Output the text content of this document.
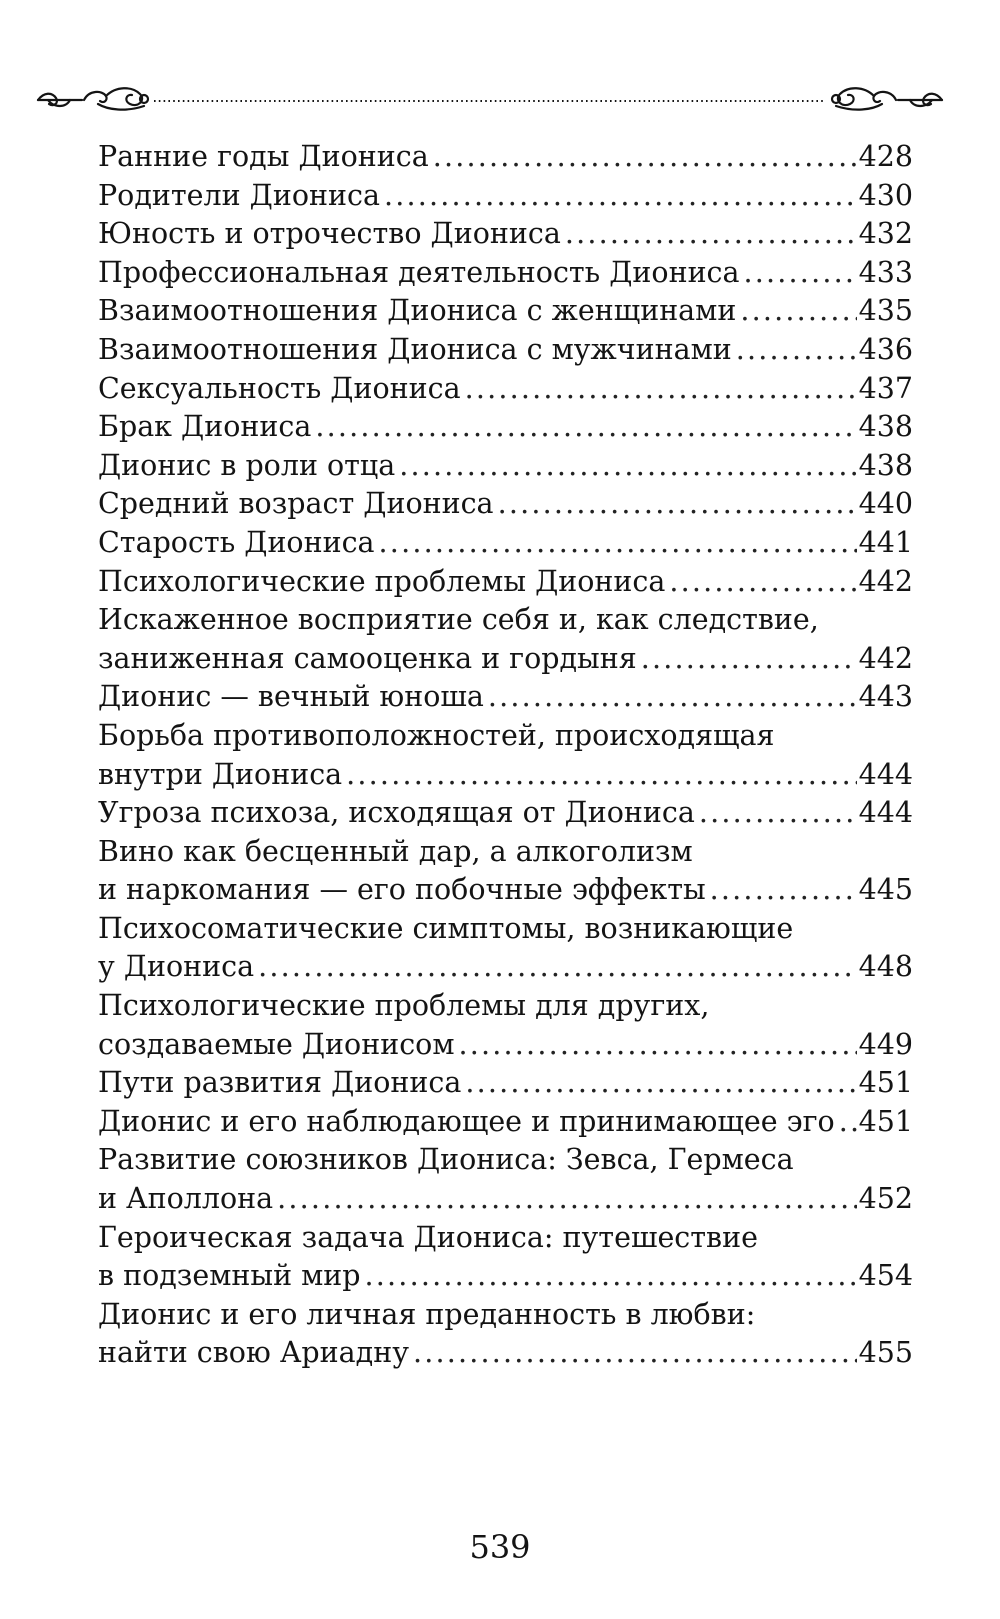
Ранние годы Диониса .....	428
Родители Диониса .....	430
Юность и отрочество Диониса .....	432
Профессиональная деятельность Диониса .....	433
Взаимоотношения Диониса с женщинами .....	435
Взаимоотношения Диониса с мужчинами .....	436
Сексуальность Диониса .....	437
Брак Диониса .....	438
Дионис в роли отца .....	438
Средний возраст Диониса .....	440
Старость Диониса .....	441
Психологические проблемы Диониса .....	442
Искаженное восприятие себя и, как следствие,
заниженная самооценка и гордыня .....	442
Дионис — вечный юноша .....	443
Борьба противоположностей, происходящая
внутри Диониса .....	444
Угроза психоза, исходящая от Диониса .....	444
Вино как бесценный дар, а алкоголизм
и наркомания — его побочные эффекты .....	445
Психосоматические симптомы, возникающие
у Диониса .....	448
Психологические проблемы для других,
создаваемые Дионисом .....	449
Пути развития Диониса .....	451
Дионис и его наблюдающее и принимающее эго ..... 451
Развитие союзников Диониса: Зевса, Гермеса
и Аполлона .....	452
Героическая задача Диониса: путешествие
в подземный мир .....	454
Дионис и его личная преданность в любви:
найти свою Ариадну .....	455
539
